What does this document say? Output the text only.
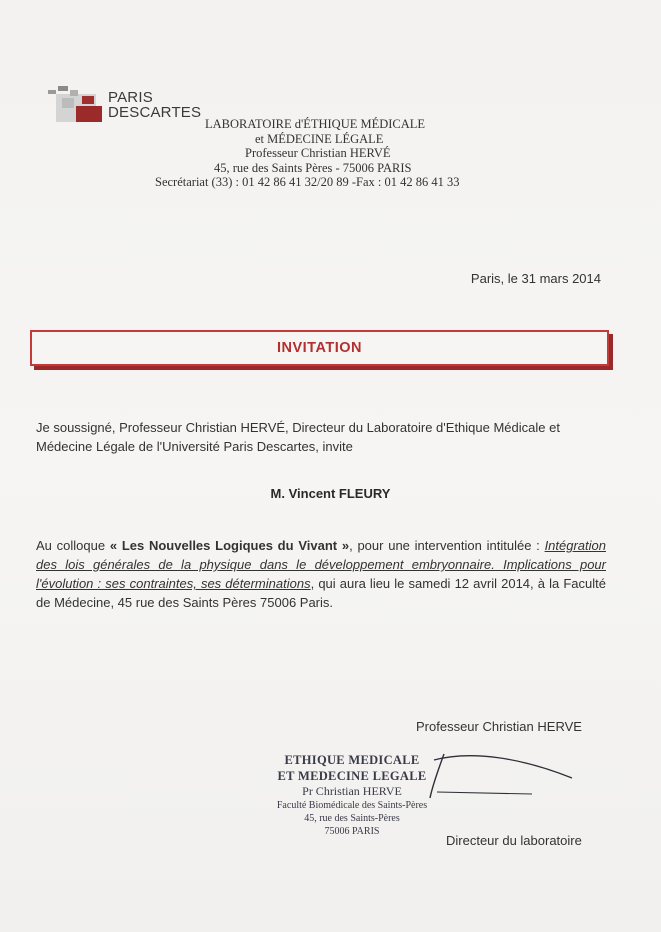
PARIS
DESCARTES
LABORATOIRE d'ÉTHIQUE MÉDICALE
et MÉDECINE LÉGALE
Professeur Christian HERVÉ
45, rue des Saints Pères - 75006 PARIS
Secrétariat (33) : 01 42 86 41 32/20 89 -Fax : 01 42 86 41 33
Paris, le 31 mars 2014
INVITATION
Je soussigné, Professeur Christian HERVÉ, Directeur du Laboratoire d'Ethique Médicale et Médecine Légale de l'Université Paris Descartes, invite
M. Vincent FLEURY
Au colloque « Les Nouvelles Logiques du Vivant », pour une intervention intitulée : Intégration des lois générales de la physique dans le développement embryonnaire. Implications pour l'évolution : ses contraintes, ses déterminations, qui aura lieu le samedi 12 avril 2014, à la Faculté de Médecine, 45 rue des Saints Pères 75006 Paris.
Professeur Christian HERVE
ETHIQUE MEDICALE
ET MEDECINE LEGALE
Pr Christian HERVE
Faculté Biomédicale des Saints-Pères
45, rue des Saints-Pères
75006 PARIS
Directeur du laboratoire
